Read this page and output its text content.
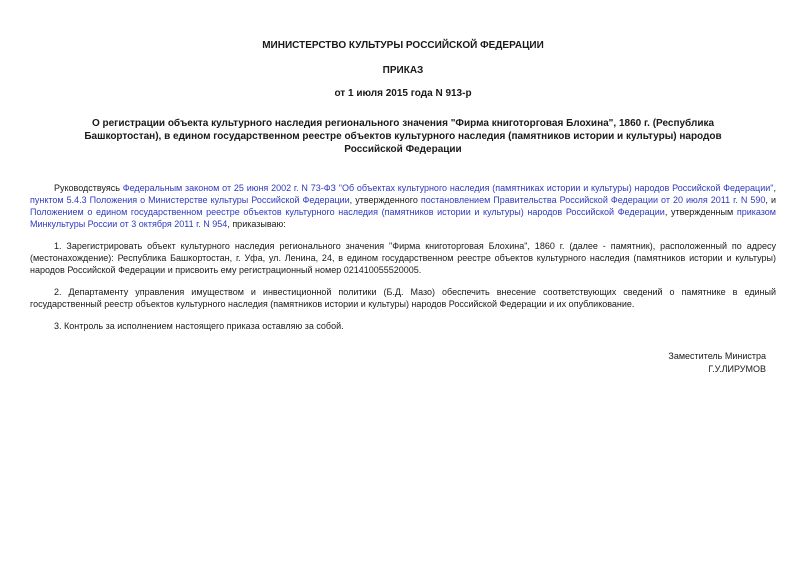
МИНИСТЕРСТВО КУЛЬТУРЫ РОССИЙСКОЙ ФЕДЕРАЦИИ
ПРИКАЗ
от 1 июля 2015 года N 913-р
О регистрации объекта культурного наследия регионального значения "Фирма книготорговая Блохина", 1860 г. (Республика Башкортостан), в едином государственном реестре объектов культурного наследия (памятников истории и культуры) народов Российской Федерации

Руководствуясь Федеральным законом от 25 июня 2002 г. N 73-ФЗ "Об объектах культурного наследия (памятниках истории и культуры) народов Российской Федерации", пунктом 5.4.3 Положения о Министерстве культуры Российской Федерации, утвержденного постановлением Правительства Российской Федерации от 20 июля 2011 г. N 590, и Положением о едином государственном реестре объектов культурного наследия (памятников истории и культуры) народов Российской Федерации, утвержденным приказом Минкультуры России от 3 октября 2011 г. N 954, приказываю:

1. Зарегистрировать объект культурного наследия регионального значения "Фирма книготорговая Блохина", 1860 г. (далее - памятник), расположенный по адресу (местонахождение): Республика Башкортостан, г. Уфа, ул. Ленина, 24, в едином государственном реестре объектов культурного наследия (памятников истории и культуры) народов Российской Федерации и присвоить ему регистрационный номер 021410055520005.

2. Департаменту управления имуществом и инвестиционной политики (Б.Д. Мазо) обеспечить внесение соответствующих сведений о памятнике в единый государственный реестр объектов культурного наследия (памятников истории и культуры) народов Российской Федерации и их опубликование.

3. Контроль за исполнением настоящего приказа оставляю за собой.

Заместитель Министра
Г.У.ЛИРУМОВ
